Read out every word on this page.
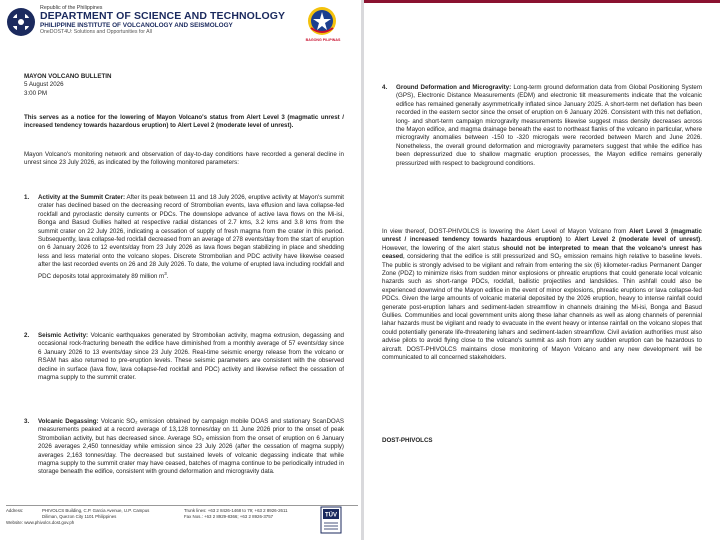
Republic of the Philippines
DEPARTMENT OF SCIENCE AND TECHNOLOGY
PHILIPPINE INSTITUTE OF VOLCANOLOGY AND SEISMOLOGY
OneDOST4U: Solutions and Opportunities for All
BAGONG PILIPINAS

MAYON VOLCANO BULLETIN

5 August 2026

3:00 PM

This serves as a notice for the lowering of Mayon Volcano's status from Alert Level 3 (magmatic unrest / increased tendency towards hazardous eruption) to Alert Level 2 (moderate level of unrest).
Mayon Volcano's monitoring network and observation of day-to-day conditions have recorded a general decline in unrest since 23 July 2026, as indicated by the following monitored parameters:
1. Activity at the Summit Crater: After its peak between 11 and 18 July 2026, eruptive activity at Mayon's summit crater has declined based on the decreasing record of Strombolian events, lava effusion and lava collapse-fed rockfall and pyroclastic density currents or PDCs. The downslope advance of active lava flows on the Mi-isi, Bonga and Basud Gullies halted at respective radial distances of 2.7 kms, 3.2 kms and 3.8 kms from the summit crater on 22 July 2026, indicating a cessation of supply of fresh magma from the crater in this period. Subsequently, lava collapse-fed rockfall decreased from an average of 278 events/day from the start of eruption on 6 January 2026 to 12 events/day from 23 July 2026 as lava flows began stabilizing in place and shedding less and less material onto the volcano slopes. Discrete Strombolian and PDC activity have likewise ceased after the last recorded events on 26 and 28 July 2026. To date, the volume of erupted lava including rockfall and PDC deposits total approximately 89 million $m^3$.
2. Seismic Activity: Volcanic earthquakes generated by Strombolian activity, magma extrusion, degassing and occasional rock-fracturing beneath the edifice have diminished from a monthly average of 57 events/day since 6 January 2026 to 13 events/day since 23 July 2026. Real-time seismic energy release from the volcano or RSAM has also returned to pre-eruption levels. These seismic parameters are consistent with the observed decline in surface (lava flow, lava collapse-fed rockfall and PDC) activity and likewise reflect the cessation of magma supply to the summit crater.
3. Volcanic Degassing: Volcanic SO₂ emission obtained by campaign mobile DOAS and stationary ScanDOAS measurements peaked at a record average of 13,128 tonnes/day on 11 June 2026 prior to the onset of peak Strombolian activity, but has decreased since. Average SO₂ emission from the onset of eruption on 6 January 2026 averages 2,450 tonnes/day while emission since 23 July 2026 (after the cessation of magma supply) averages 2,163 tonnes/day. The decreased but sustained levels of volcanic degassing indicate that while magma supply to the summit crater may have ceased, batches of magma continue to be periodically intruded in storage beneath the edifice, consistent with ground deformation and microgravity data.
Address:	PHIVOLCS Building, C.P. Garcia Avenue, U.P. Campus Diliman, Quezon City 1101 Philippines
Trunk lines: +63 2 8426-1468 to 79; +63 2 8926-2611
Fax Nos.: +63 2 8929-8366; +63 2 8926-3757
Website: www.phivolcs.dost.gov.ph
TÜV
4. Ground Deformation and Microgravity: Long-term ground deformation data from Global Positioning System (GPS), Electronic Distance Measurements (EDM) and electronic tilt measurements indicate that the volcanic edifice has remained generally asymmetrically inflated since January 2025. A short-term net deflation has been recorded in the eastern sector since the onset of eruption on 6 January 2026. Consistent with this net deflation, long- and short-term campaign microgravity measurements likewise suggest mass density decreases across the Mayon edifice, and magma drainage beneath the east to northeast flanks of the volcano in particular, where microgravity anomalies between -150 to -320 microgals were recorded between March and June 2026. Nonetheless, the overall ground deformation and microgravity parameters suggest that while the edifice has been depressurized due to shallow magmatic eruption processes, the Mayon edifice remains generally pressurized with respect to background conditions.
In view thereof, DOST-PHIVOLCS is lowering the Alert Level of Mayon Volcano from Alert Level 3 (magmatic unrest / increased tendency towards hazardous eruption) to Alert Level 2 (moderate level of unrest). However, the lowering of the alert status should not be interpreted to mean that the volcano's unrest has ceased, considering that the edifice is still pressurized and SO₂ emission remains high relative to baseline levels. The public is strongly advised to be vigilant and refrain from entering the six (6) kilometer-radius Permanent Danger Zone (PDZ) to minimize risks from sudden minor explosions or phreatic eruptions that could generate local volcanic hazards such as short-range PDCs, rockfall, ballistic projectiles and landslides. Thin ashfall could also be experienced downwind of the Mayon edifice in the event of minor explosions, phreatic eruptions or lava collapse-fed PDCs. Given the large amounts of volcanic material deposited by the 2026 eruption, heavy to intense rainfall could generate post-eruption lahars and sediment-laden streamflow in channels draining the Mi-isi, Bonga and Basud Gullies. Communities and local government units along these lahar channels as well as along channels of perennial lahar hazards must be vigilant and ready to evacuate in the event heavy or intense rainfall on the volcano slopes that could potentially generate life-threatening lahars and sediment-laden streamflow. Civil aviation authorities must also advise pilots to avoid flying close to the volcano's summit as ash from any sudden eruption can be hazardous to aircraft. DOST-PHIVOLCS maintains close monitoring of Mayon Volcano and any new development will be communicated to all concerned stakeholders.
DOST-PHIVOLCS
